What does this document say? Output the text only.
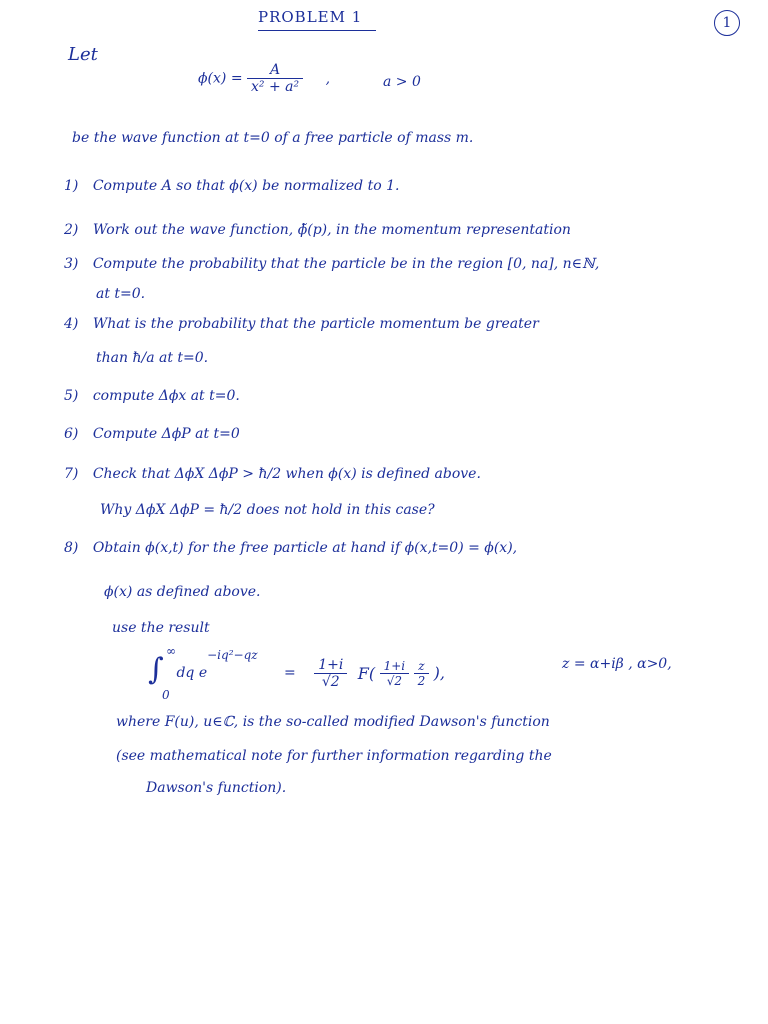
PROBLEM 1	1
Let
$\phi(x) = \frac{A}{\text{x² + a²}}$ ,	a > 0
be the wave function at t=0 of a free particle of mass m.
1) Compute A so that ϕ(x) be normalized to 1.
2) Work out the wave function, ϕ̃(p), in the momentum representation
3) Compute the probability that the particle be in the region [0, na], n∈ℕ,
at t=0.
4) What is the probability that the particle momentum be greater
than ħ/a at t=0.
5) compute Δϕx at t=0.
6) Compute ΔϕP at t=0
7) Check that ΔϕX ΔϕP > ħ/2 when ϕ(x) is defined above.
Why ΔϕX ΔϕP = ħ/2 does not hold in this case?
8) Obtain ϕ(x,t) for the free particle at hand if ϕ(x,t=0) = ϕ(x),
ϕ(x) as defined above.
use the result
∫
∞
0
dq $e^{-iq^2-qz} = \frac{1+i}{√2} F( \frac{1+i}{√2}$
$\frac{z}{2}$ ),	z = α+iβ , α>0,
where F(u), u∈ℂ, is the so-called modified Dawson's function
(see mathematical note for further information regarding the
Dawson's function).
